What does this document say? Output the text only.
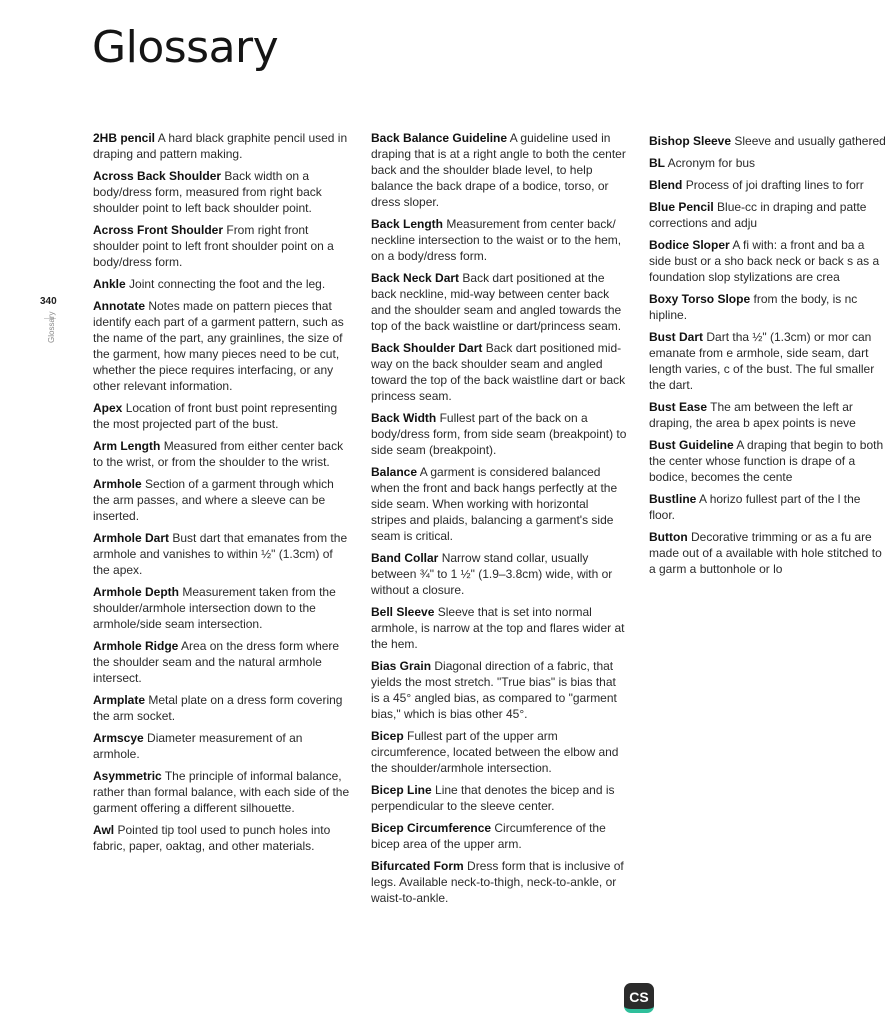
Glossary
340
Glossary
2HB pencil A hard black graphite pencil used in draping and pattern making.
Across Back Shoulder Back width on a body/dress form, measured from right back shoulder point to left back shoulder point.
Across Front Shoulder From right front shoulder point to left front shoulder point on a body/dress form.
Ankle Joint connecting the foot and the leg.
Annotate Notes made on pattern pieces that identify each part of a garment pattern, such as the name of the part, any grainlines, the size of the garment, how many pieces need to be cut, whether the piece requires interfacing, or any other relevant information.
Apex Location of front bust point representing the most projected part of the bust.
Arm Length Measured from either center back to the wrist, or from the shoulder to the wrist.
Armhole Section of a garment through which the arm passes, and where a sleeve can be inserted.
Armhole Dart Bust dart that emanates from the armhole and vanishes to within ½" (1.3cm) of the apex.
Armhole Depth Measurement taken from the shoulder/armhole intersection down to the armhole/side seam intersection.
Armhole Ridge Area on the dress form where the shoulder seam and the natural armhole intersect.
Armplate Metal plate on a dress form covering the arm socket.
Armscye Diameter measurement of an armhole.
Asymmetric The principle of informal balance, rather than formal balance, with each side of the garment offering a different silhouette.
Awl Pointed tip tool used to punch holes into fabric, paper, oaktag, and other materials.
Back Balance Guideline A guideline used in draping that is at a right angle to both the center back and the shoulder blade level, to help balance the back drape of a bodice, torso, or dress sloper.
Back Length Measurement from center back/ neckline intersection to the waist or to the hem, on a body/dress form.
Back Neck Dart Back dart positioned at the back neckline, mid-way between center back and the shoulder seam and angled towards the top of the back waistline or dart/princess seam.
Back Shoulder Dart Back dart positioned mid-way on the back shoulder seam and angled toward the top of the back waistline dart or back princess seam.
Back Width Fullest part of the back on a body/dress form, from side seam (breakpoint) to side seam (breakpoint).
Balance A garment is considered balanced when the front and back hangs perfectly at the side seam. When working with horizontal stripes and plaids, balancing a garment's side seam is critical.
Band Collar Narrow stand collar, usually between ¾" to 1 ½" (1.9–3.8cm) wide, with or without a closure.
Bell Sleeve Sleeve that is set into normal armhole, is narrow at the top and flares wider at the hem.
Bias Grain Diagonal direction of a fabric, that yields the most stretch. "True bias" is bias that is a 45° angled bias, as compared to "garment bias," which is bias other 45°.
Bicep Fullest part of the upper arm circumference, located between the elbow and the shoulder/armhole intersection.
Bicep Line Line that denotes the bicep and is perpendicular to the sleeve center.
Bicep Circumference Circumference of the bicep area of the upper arm.
Bifurcated Form Dress form that is inclusive of legs. Available neck-to-thigh, neck-to-ankle, or waist-to-ankle.
Bishop Sleeve Sleeve and usually gathered
BL Acronym for bus
Blend Process of joi drafting lines to forr
Blue Pencil Blue-cc in draping and patte corrections and adju
Bodice Sloper A fi with: a front and ba a side bust or a sho back neck or back s as a foundation slop stylizations are crea
Boxy Torso Slope from the body, is nc hipline.
Bust Dart Dart tha ½" (1.3cm) or mor can emanate from e armhole, side seam, dart length varies, c of the bust. The ful smaller the dart.
Bust Ease The am between the left ar draping, the area b apex points is neve
Bust Guideline A draping that begin to both the center whose function is drape of a bodice, becomes the cente
Bustline A horizo fullest part of the l the floor.
Button Decorative trimming or as a fu are made out of a available with hole stitched to a garm a buttonhole or lo
CS
